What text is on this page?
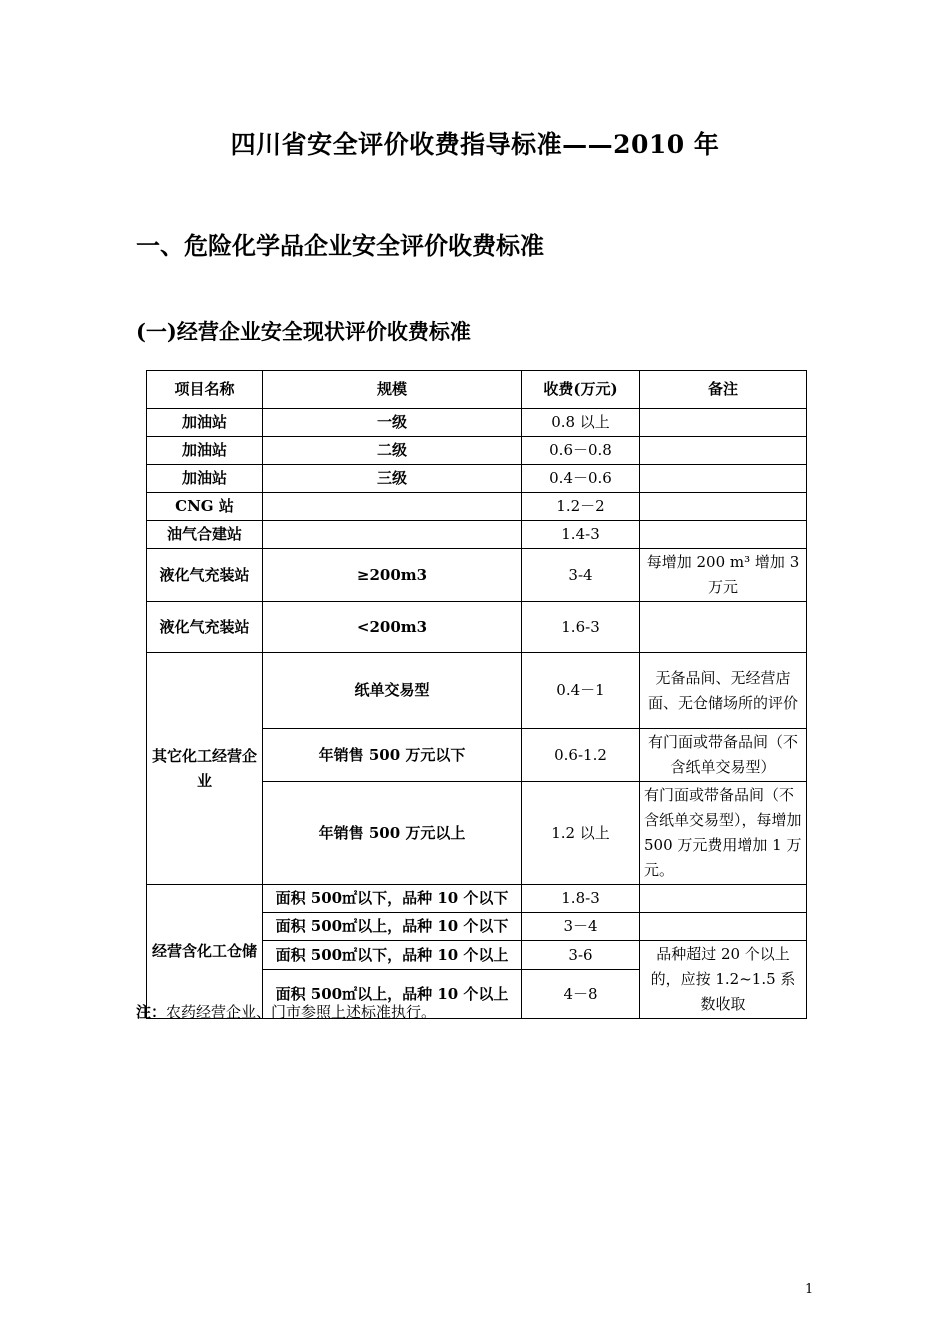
四川省安全评价收费指导标准——2010 年
一、危险化学品企业安全评价收费标准
(一)经营企业安全现状评价收费标准
项目名称	规模	收费(万元)	备注
加油站	一级	0.8 以上	
加油站	二级	0.6－0.8	
加油站	三级	0.4－0.6	
CNG 站		1.2－2	
油气合建站		1.4-3	
液化气充装站	≥200m3	3-4	每增加 200 m³ 增加 3 万元
液化气充装站	<200m3	1.6-3	
其它化工经营企业	纸单交易型	0.4－1	无备品间、无经营店面、无仓储场所的评价
	年销售 500 万元以下	0.6-1.2	有门面或带备品间（不含纸单交易型）
	年销售 500 万元以上	1.2 以上	有门面或带备品间（不含纸单交易型），每增加 500 万元费用增加 1 万元。
经营含化工仓储	面积 500㎡以下，品种 10 个以下	1.8-3	
	面积 500㎡以上，品种 10 个以下	3－4	
	面积 500㎡以下，品种 10 个以上	3-6	品种超过 20 个以上的，应按 1.2~1.5 系数收取
	面积 500㎡以上，品种 10 个以上	4－8	
注：农药经营企业、门市参照上述标准执行。
1
